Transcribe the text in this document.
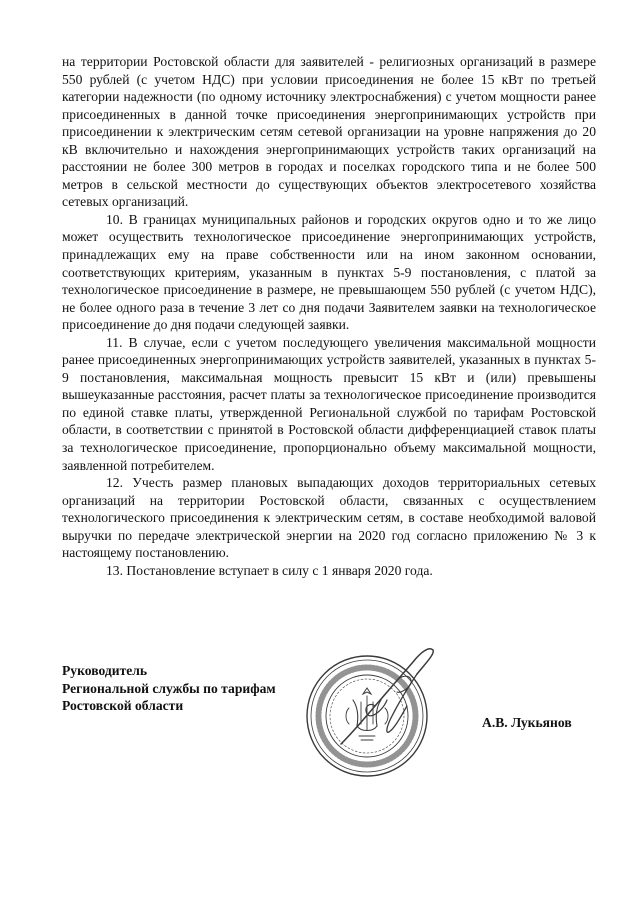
на территории Ростовской области для заявителей - религиозных организаций в размере 550 рублей (с учетом НДС) при условии присоединения не более 15 кВт по третьей категории надежности (по одному источнику электроснабжения) с учетом мощности ранее присоединенных в данной точке присоединения энергопринимающих устройств при присоединении к электрическим сетям сетевой организации на уровне напряжения до 20 кВ включительно и нахождения энергопринимающих устройств таких организаций на расстоянии не более 300 метров в городах и поселках городского типа и не более 500 метров в сельской местности до существующих объектов электросетевого хозяйства сетевых организаций.

10. В границах муниципальных районов и городских округов одно и то же лицо может осуществить технологическое присоединение энергопринимающих устройств, принадлежащих ему на праве собственности или на ином законном основании, соответствующих критериям, указанным в пунктах 5-9 постановления, с платой за технологическое присоединение в размере, не превышающем 550 рублей (с учетом НДС), не более одного раза в течение 3 лет со дня подачи Заявителем заявки на технологическое присоединение до дня подачи следующей заявки.

11. В случае, если с учетом последующего увеличения максимальной мощности ранее присоединенных энергопринимающих устройств заявителей, указанных в пунктах 5-9 постановления, максимальная мощность превысит 15 кВт и (или) превышены вышеуказанные расстояния, расчет платы за технологическое присоединение производится по единой ставке платы, утвержденной Региональной службой по тарифам Ростовской области, в соответствии с принятой в Ростовской области дифференциацией ставок платы за технологическое присоединение, пропорционально объему максимальной мощности, заявленной потребителем.

12. Учесть размер плановых выпадающих доходов территориальных сетевых организаций на территории Ростовской области, связанных с осуществлением технологического присоединения к электрическим сетям, в составе необходимой валовой выручки по передаче электрической энергии на 2020 год согласно приложению № 3 к настоящему постановлению.

13. Постановление вступает в силу с 1 января 2020 года.

Руководитель
Региональной службы по тарифам
Ростовской области
А.В. Лукьянов
